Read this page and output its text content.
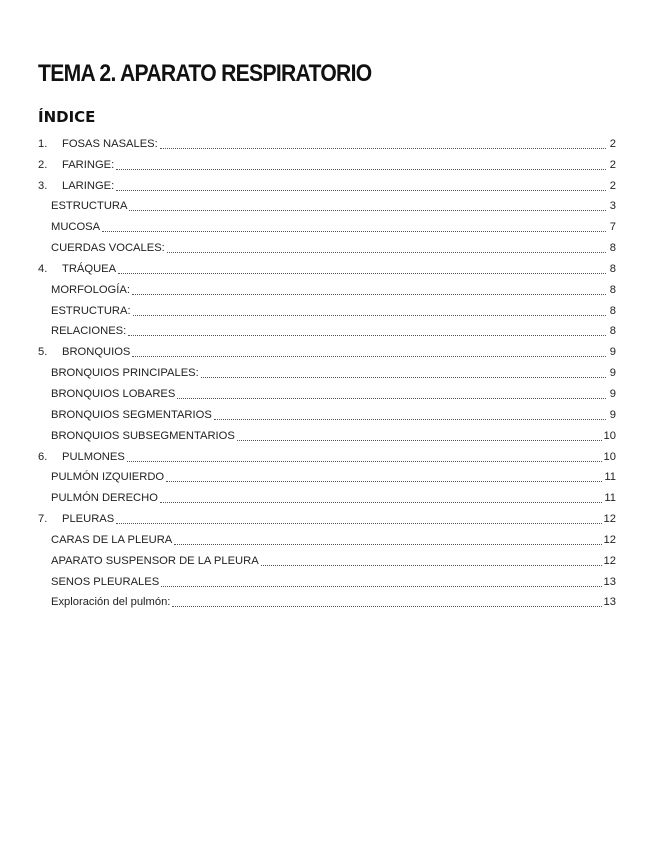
TEMA 2. APARATO RESPIRATORIO
ÍNDICE
1.	FOSAS NASALES:	2
2.	FARINGE:	2
3.	LARINGE:	2
ESTRUCTURA	3
MUCOSA	7
CUERDAS VOCALES:	8
4.	TRÁQUEA	8
MORFOLOGÍA:	8
ESTRUCTURA:	8
RELACIONES:	8
5.	BRONQUIOS	9
BRONQUIOS PRINCIPALES:	9
BRONQUIOS LOBARES	9
BRONQUIOS SEGMENTARIOS	9
BRONQUIOS SUBSEGMENTARIOS	10
6.	PULMONES	10
PULMÓN IZQUIERDO	11
PULMÓN DERECHO	11
7.	PLEURAS	12
CARAS DE LA PLEURA	12
APARATO SUSPENSOR DE LA PLEURA	12
SENOS PLEURALES	13
Exploración del pulmón:	13
